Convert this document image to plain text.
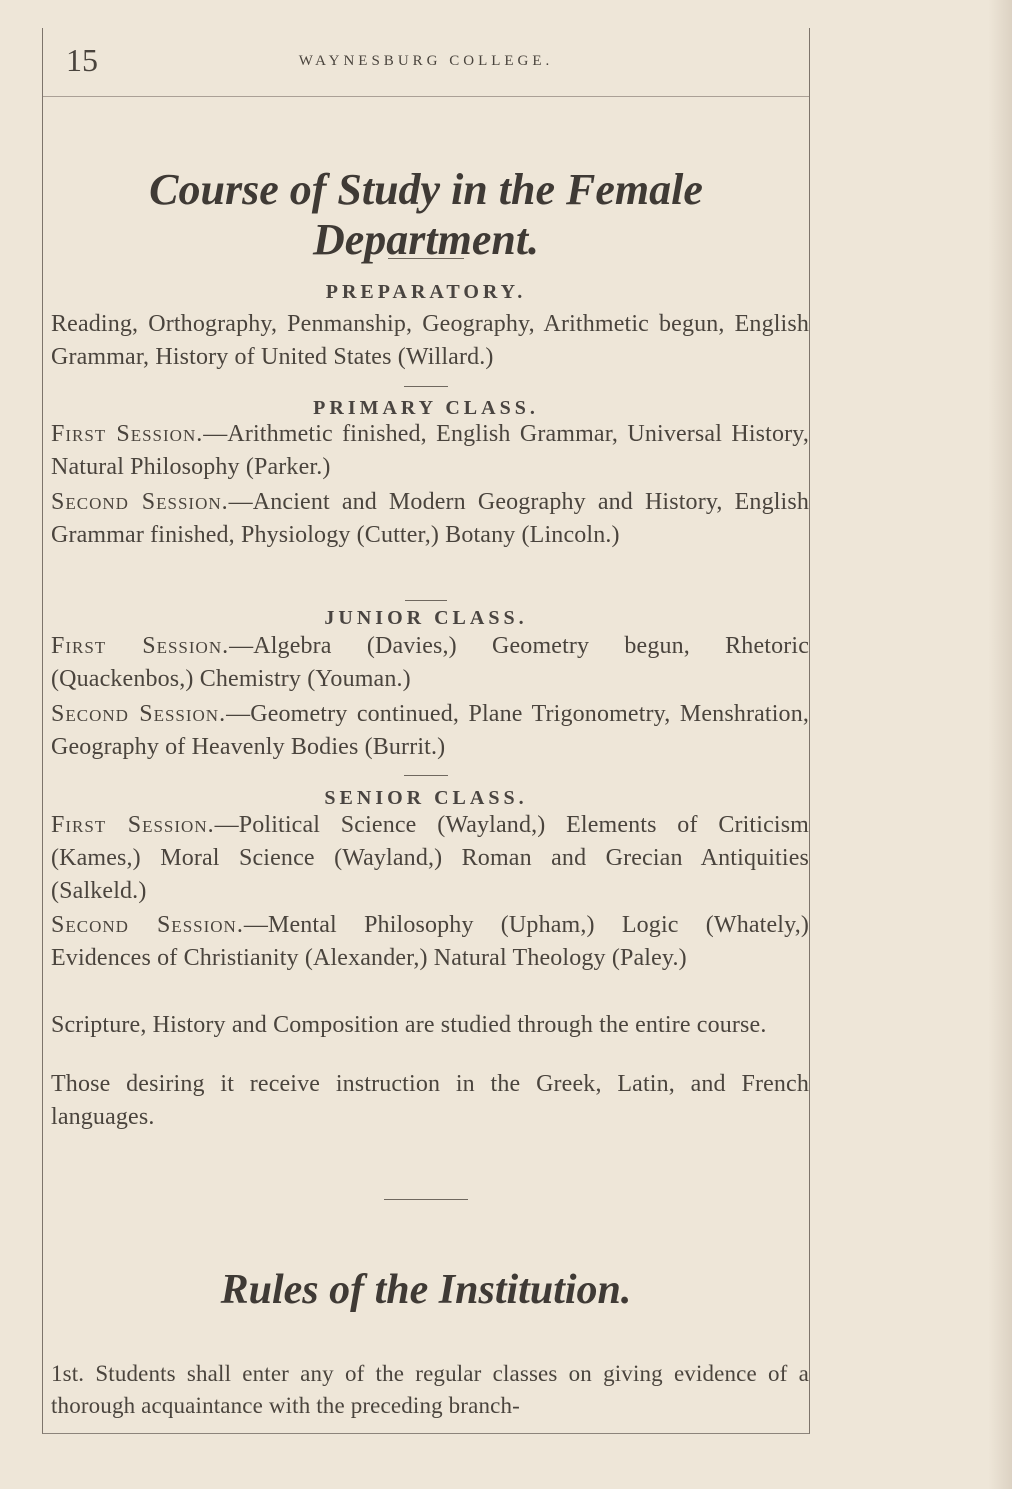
15	WAYNESBURG COLLEGE.
Course of Study in the Female Department.
PREPARATORY.
Reading, Orthography, Penmanship, Geography, Arithmetic begun, English Grammar, History of United States (Willard.)
PRIMARY CLASS.
First Session.—Arithmetic finished, English Grammar, Universal History, Natural Philosophy (Parker.)
Second Session.—Ancient and Modern Geography and History, English Grammar finished, Physiology (Cutter,) Botany (Lincoln.)
JUNIOR CLASS.
First Session.—Algebra (Davies,) Geometry begun, Rhetoric (Quackenbos,) Chemistry (Youman.)
Second Session.—Geometry continued, Plane Trigonometry, Menshration, Geography of Heavenly Bodies (Burrit.)
SENIOR CLASS.
First Session.—Political Science (Wayland,) Elements of Criticism (Kames,) Moral Science (Wayland,) Roman and Grecian Antiquities (Salkeld.)
Second Session.—Mental Philosophy (Upham,) Logic (Whately,) Evidences of Christianity (Alexander,) Natural Theology (Paley.)
Scripture, History and Composition are studied through the entire course.
Those desiring it receive instruction in the Greek, Latin, and French languages.
Rules of the Institution.
1st. Students shall enter any of the regular classes on giving evidence of a thorough acquaintance with the preceding branch-
